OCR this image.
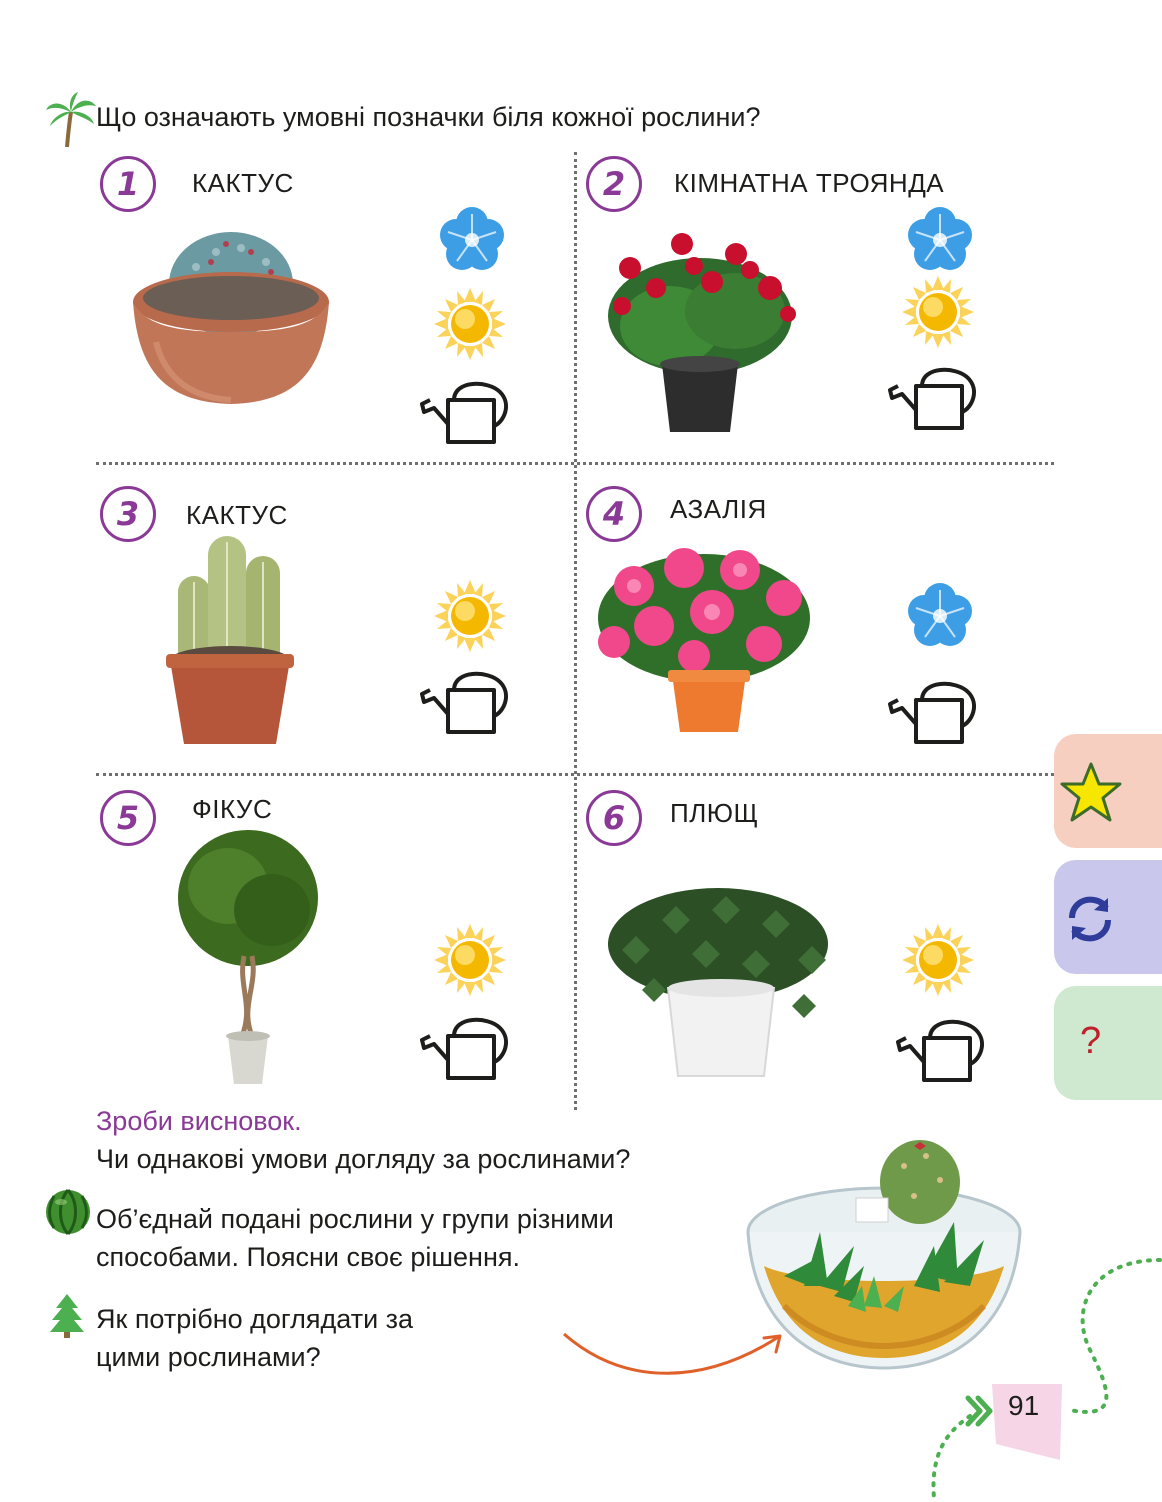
Що означають умовні позначки біля кожної рослини?
1	КАКТУС	2	КІМНАТНА ТРОЯНДА
3	КАКТУС	4	АЗАЛІЯ
5	ФІКУС	6	ПЛЮЩ
Зроби висновок.
Чи однакові умови догляду за рослинами?
Об’єднай подані рослини у групи різними
способами. Поясни своє рішення.
Як потрібно доглядати за
цими рослинами?
?
91
